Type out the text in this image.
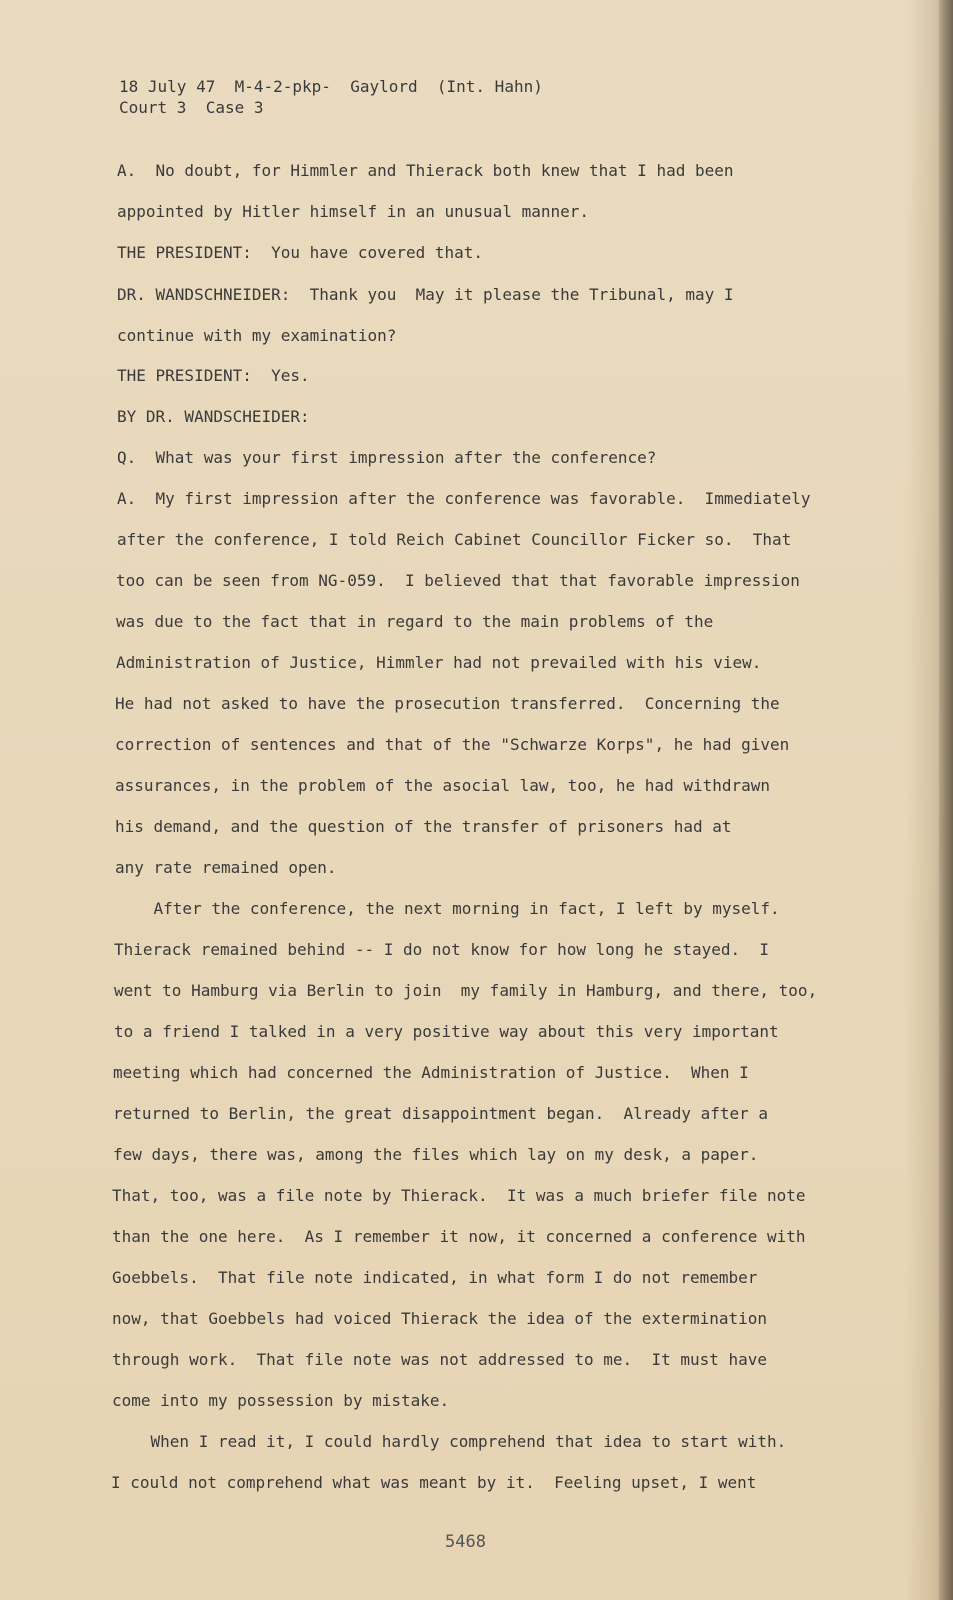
18 July 47  M-4-2-pkp-  Gaylord  (Int. Hahn)
Court 3  Case 3
A.  No doubt, for Himmler and Thierack both knew that I had been
appointed by Hitler himself in an unusual manner.
THE PRESIDENT:  You have covered that.
DR. WANDSCHNEIDER:  Thank you  May it please the Tribunal, may I
continue with my examination?
THE PRESIDENT:  Yes.
BY DR. WANDSCHEIDER:
Q.  What was your first impression after the conference?
A.  My first impression after the conference was favorable.  Immediately
after the conference, I told Reich Cabinet Councillor Ficker so.  That
too can be seen from NG-059.  I believed that that favorable impression
was due to the fact that in regard to the main problems of the
Administration of Justice, Himmler had not prevailed with his view.
He had not asked to have the prosecution transferred.  Concerning the
correction of sentences and that of the "Schwarze Korps", he had given
assurances, in the problem of the asocial law, too, he had withdrawn
his demand, and the question of the transfer of prisoners had at
any rate remained open.
After the conference, the next morning in fact, I left by myself.
Thierack remained behind -- I do not know for how long he stayed.  I
went to Hamburg via Berlin to join  my family in Hamburg, and there, too,
to a friend I talked in a very positive way about this very important
meeting which had concerned the Administration of Justice.  When I
returned to Berlin, the great disappointment began.  Already after a
few days, there was, among the files which lay on my desk, a paper.
That, too, was a file note by Thierack.  It was a much briefer file note
than the one here.  As I remember it now, it concerned a conference with
Goebbels.  That file note indicated, in what form I do not remember
now, that Goebbels had voiced Thierack the idea of the extermination
through work.  That file note was not addressed to me.  It must have
come into my possession by mistake.
When I read it, I could hardly comprehend that idea to start with.
I could not comprehend what was meant by it.  Feeling upset, I went
5468
